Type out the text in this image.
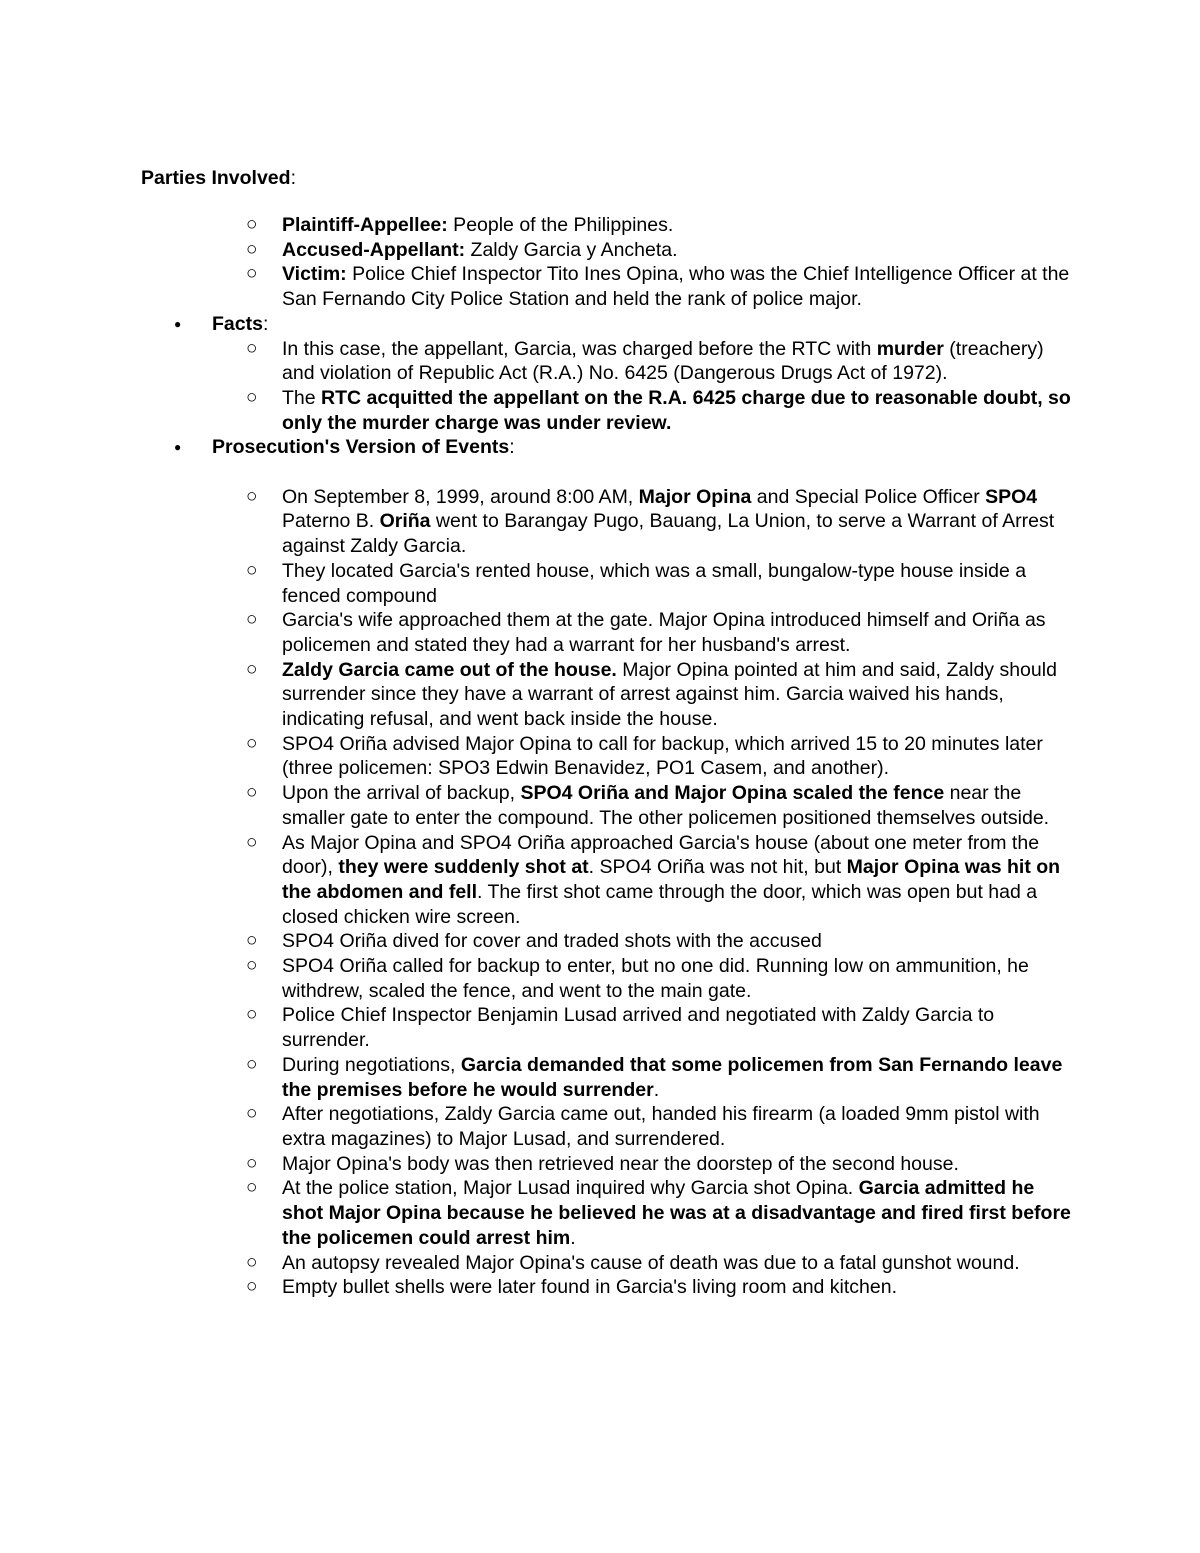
Parties Involved:

○ Plaintiff-Appellee: People of the Philippines.
○ Accused-Appellant: Zaldy Garcia y Ancheta.
○ Victim: Police Chief Inspector Tito Ines Opina, who was the Chief Intelligence Officer at the San Fernando City Police Station and held the rank of police major.
● Facts:
○ In this case, the appellant, Garcia, was charged before the RTC with murder (treachery) and violation of Republic Act (R.A.) No. 6425 (Dangerous Drugs Act of 1972).
○ The RTC acquitted the appellant on the R.A. 6425 charge due to reasonable doubt, so only the murder charge was under review.
● Prosecution's Version of Events:
○ On September 8, 1999, around 8:00 AM, Major Opina and Special Police Officer SPO4 Paterno B. Oriña went to Barangay Pugo, Bauang, La Union, to serve a Warrant of Arrest against Zaldy Garcia.
○ They located Garcia's rented house, which was a small, bungalow-type house inside a fenced compound
○ Garcia's wife approached them at the gate. Major Opina introduced himself and Oriña as policemen and stated they had a warrant for her husband's arrest.
○ Zaldy Garcia came out of the house. Major Opina pointed at him and said, Zaldy should surrender since they have a warrant of arrest against him. Garcia waived his hands, indicating refusal, and went back inside the house.
○ SPO4 Oriña advised Major Opina to call for backup, which arrived 15 to 20 minutes later (three policemen: SPO3 Edwin Benavidez, PO1 Casem, and another).
○ Upon the arrival of backup, SPO4 Oriña and Major Opina scaled the fence near the smaller gate to enter the compound. The other policemen positioned themselves outside.
○ As Major Opina and SPO4 Oriña approached Garcia's house (about one meter from the door), they were suddenly shot at. SPO4 Oriña was not hit, but Major Opina was hit on the abdomen and fell. The first shot came through the door, which was open but had a closed chicken wire screen.
○ SPO4 Oriña dived for cover and traded shots with the accused
○ SPO4 Oriña called for backup to enter, but no one did. Running low on ammunition, he withdrew, scaled the fence, and went to the main gate.
○ Police Chief Inspector Benjamin Lusad arrived and negotiated with Zaldy Garcia to surrender.
○ During negotiations, Garcia demanded that some policemen from San Fernando leave the premises before he would surrender.
○ After negotiations, Zaldy Garcia came out, handed his firearm (a loaded 9mm pistol with extra magazines) to Major Lusad, and surrendered.
○ Major Opina's body was then retrieved near the doorstep of the second house.
○ At the police station, Major Lusad inquired why Garcia shot Opina. Garcia admitted he shot Major Opina because he believed he was at a disadvantage and fired first before the policemen could arrest him.
○ An autopsy revealed Major Opina's cause of death was due to a fatal gunshot wound.
○ Empty bullet shells were later found in Garcia's living room and kitchen.
